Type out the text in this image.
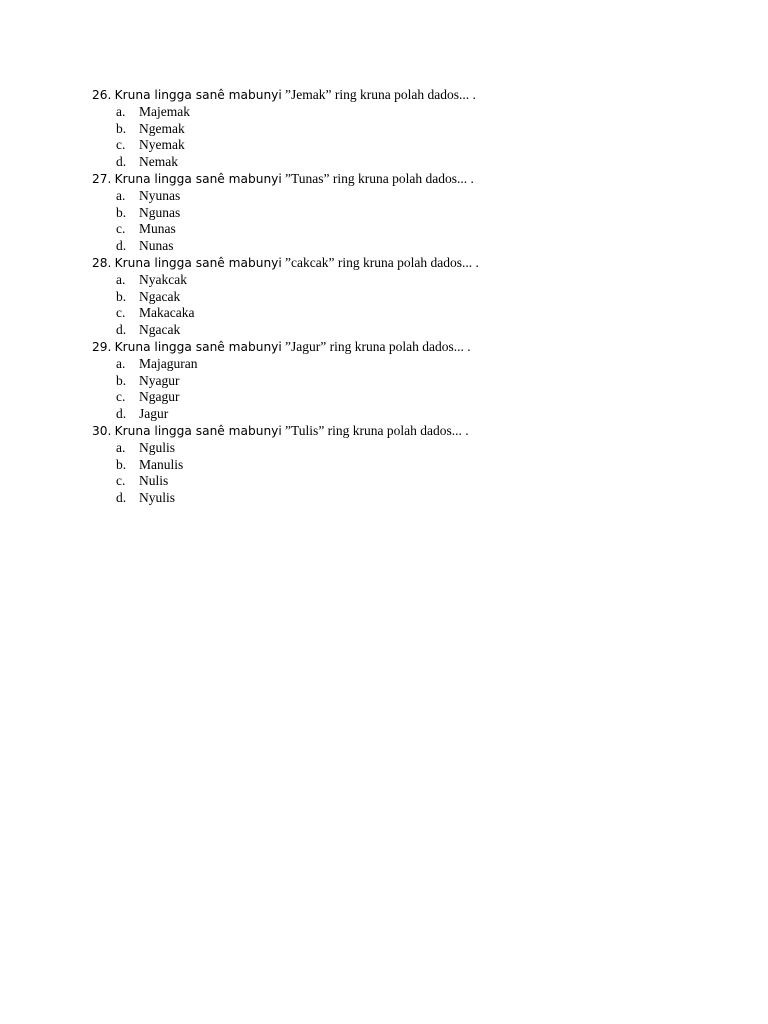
26. Kruna lingga sanê mabunyi ”Jemak” ring kruna polah dados... .
a. Majemak
b. Ngemak
c. Nyemak
d. Nemak
27. Kruna lingga sanê mabunyi ”Tunas” ring kruna polah dados... .
a. Nyunas
b. Ngunas
c. Munas
d. Nunas
28. Kruna lingga sanê mabunyi ”cakcak” ring kruna polah dados... .
a. Nyakcak
b. Ngacak
c. Makacaka
d. Ngacak
29. Kruna lingga sanê mabunyi ”Jagur” ring kruna polah dados... .
a. Majaguran
b. Nyagur
c. Ngagur
d. Jagur
30. Kruna lingga sanê mabunyi ”Tulis” ring kruna polah dados... .
a. Ngulis
b. Manulis
c. Nulis
d. Nyulis
